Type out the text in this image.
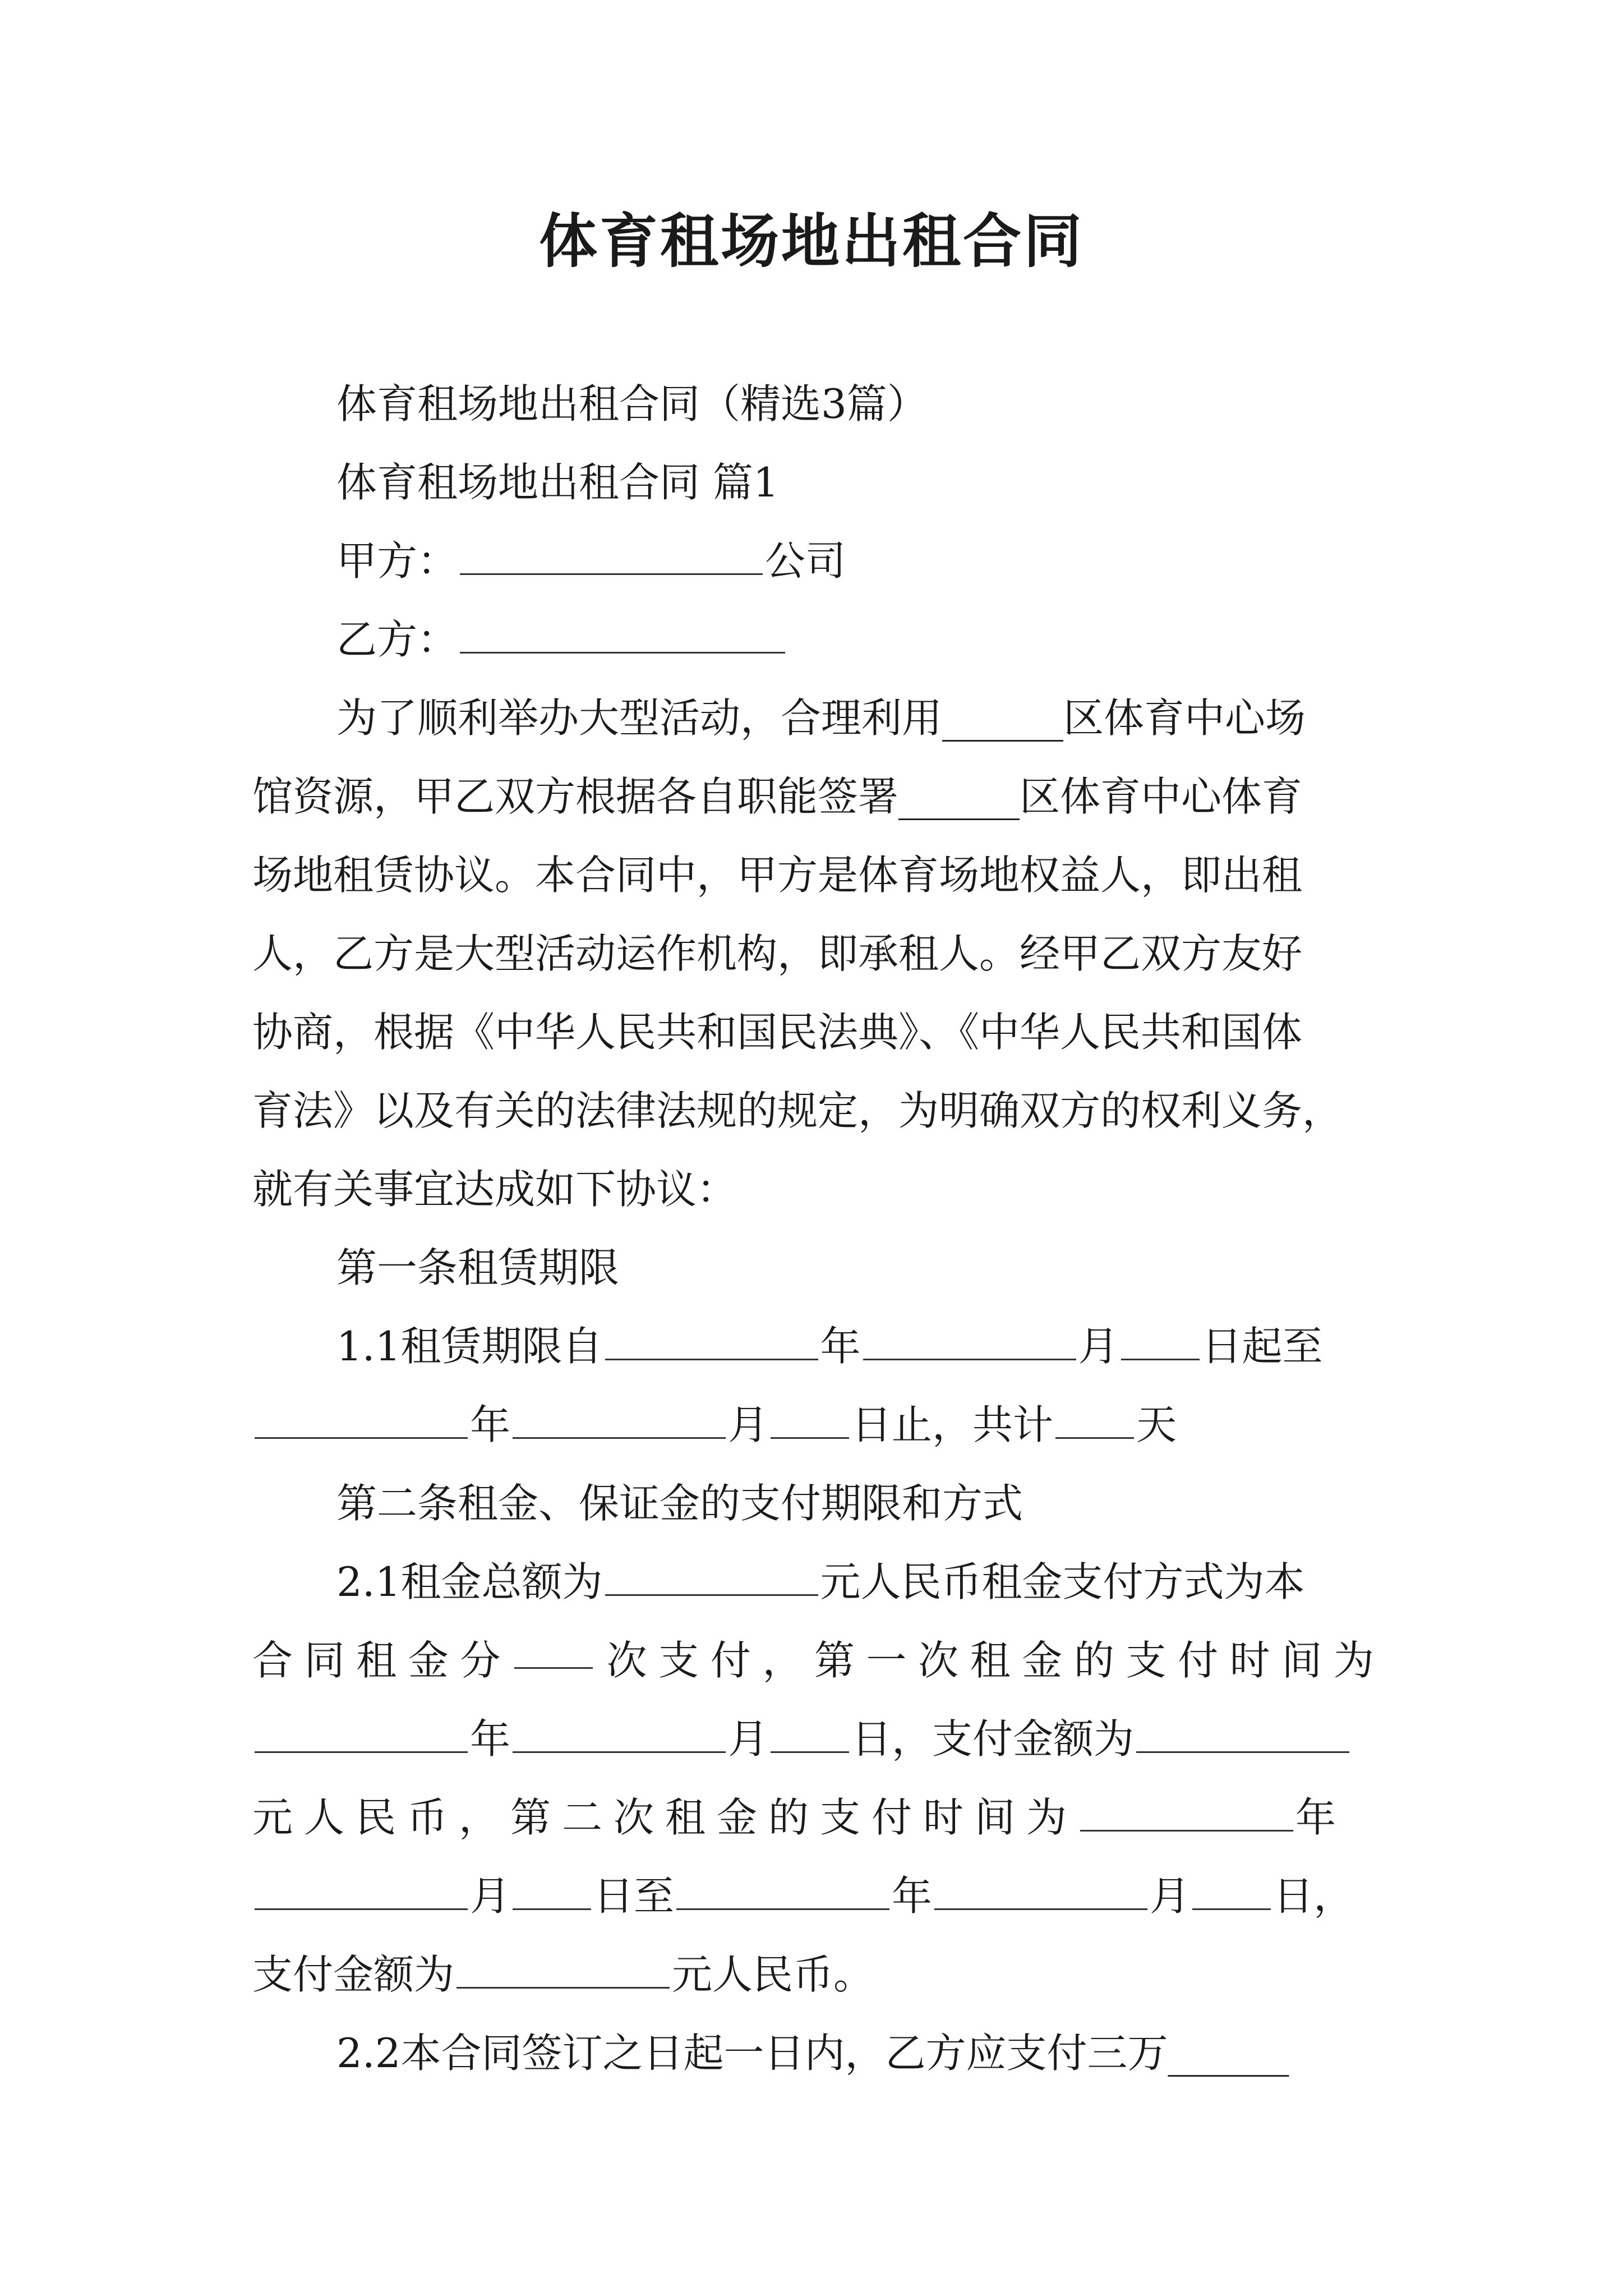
体育租场地出租合同
体育租场地出租合同（精选3篇）
体育租场地出租合同 篇1
甲方：	公司
乙方：
为了顺利举办大型活动，合理利用______区体育中心场
馆资源，甲乙双方根据各自职能签署______区体育中心体育
场地租赁协议。本合同中，甲方是体育场地权益人，即出租
人，乙方是大型活动运作机构，即承租人。经甲乙双方友好
协商，根据《中华人民共和国民法典》、《中华人民共和国体
育法》以及有关的法律法规的规定，为明确双方的权利义务，
就有关事宜达成如下协议：
第一条租赁期限
1.1租赁期限自	年	月 日起至
年	月 日止，共计 天
第二条租金、保证金的支付期限和方式
2.1租金总额为	元人民币租金支付方式为本
合 同 租 金 分	次 支 付 ， 第 一 次 租 金 的 支 付 时 间 为
年	月 日，支付金额为
元人民币，第二次租金的支付时间为	年
月 日至	年	月 日，
支付金额为	元人民币。
2.2本合同签订之日起一日内，乙方应支付三万______
